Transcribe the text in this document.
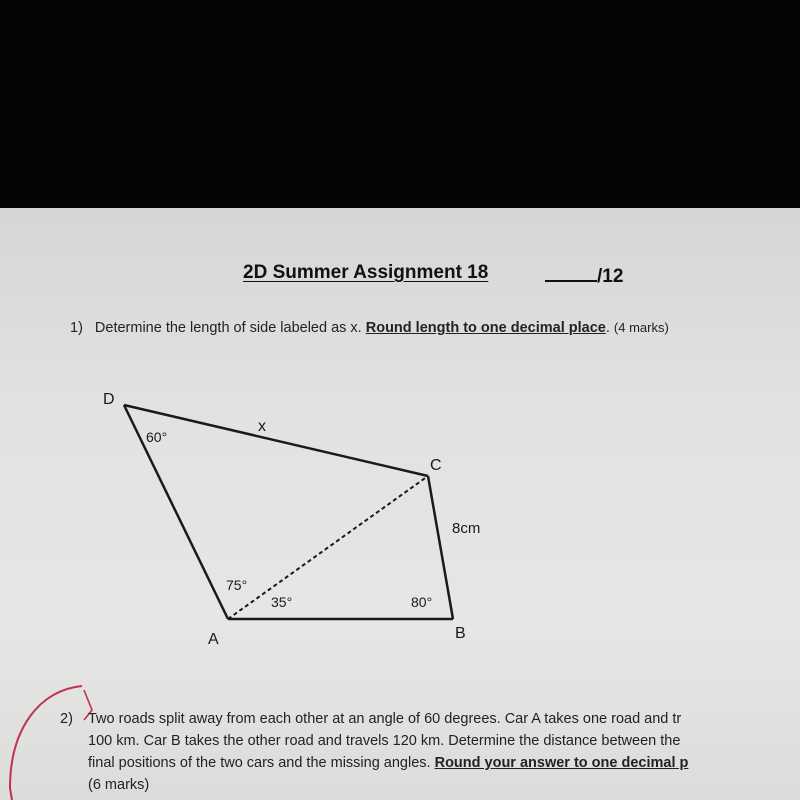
2D Summer Assignment 18	/12
1) Determine the length of side labeled as x. Round length to one decimal place. (4 marks)
D
C
B
A
x
8cm
60°
75°
35°	80°
2) Two roads split away from each other at an angle of 60 degrees. Car A takes one road and tr
100 km. Car B takes the other road and travels 120 km. Determine the distance between the
final positions of the two cars and the missing angles. Round your answer to one decimal p
(6 marks)
